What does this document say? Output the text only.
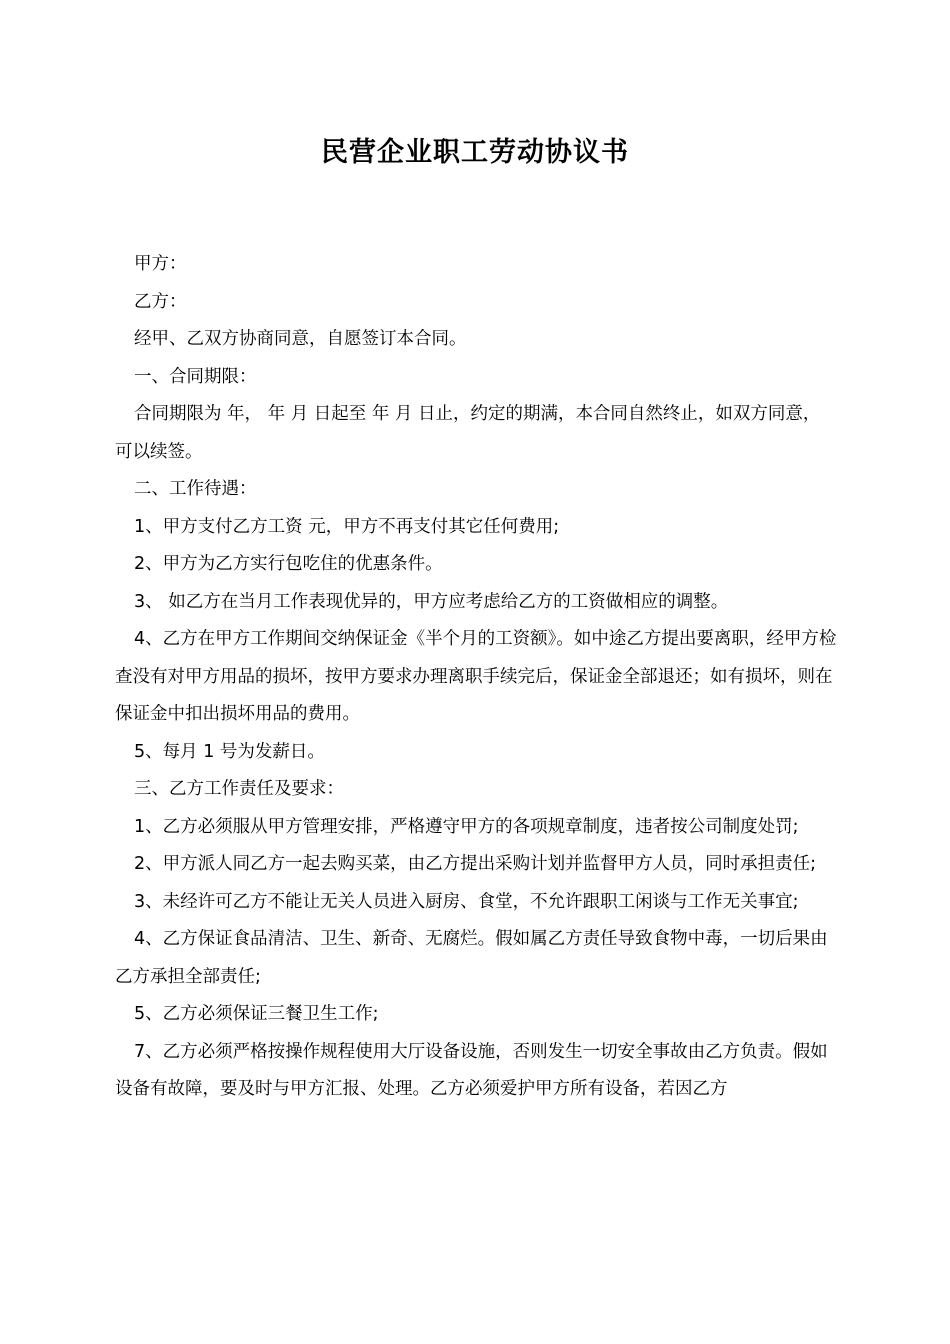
民营企业职工劳动协议书

甲方：

乙方：

经甲、乙双方协商同意，自愿签订本合同。

一、合同期限：

合同期限为 年， 年 月 日起至 年 月 日止，约定的期满，本合同自然终止，如双方同意，可以续签。

二、工作待遇：

1、甲方支付乙方工资 元，甲方不再支付其它任何费用;

2、甲方为乙方实行包吃住的优惠条件。

3、 如乙方在当月工作表现优异的，甲方应考虑给乙方的工资做相应的调整。

4、乙方在甲方工作期间交纳保证金《半个月的工资额》。如中途乙方提出要离职，经甲方检查没有对甲方用品的损坏，按甲方要求办理离职手续完后，保证金全部退还；如有损坏，则在保证金中扣出损坏用品的费用。

5、每月 1 号为发薪日。

三、乙方工作责任及要求：

1、乙方必须服从甲方管理安排，严格遵守甲方的各项规章制度，违者按公司制度处罚;

2、甲方派人同乙方一起去购买菜，由乙方提出采购计划并监督甲方人员，同时承担责任;

3、未经许可乙方不能让无关人员进入厨房、食堂，不允许跟职工闲谈与工作无关事宜;

4、乙方保证食品清洁、卫生、新奇、无腐烂。假如属乙方责任导致食物中毒，一切后果由乙方承担全部责任;

5、乙方必须保证三餐卫生工作;

7、乙方必须严格按操作规程使用大厅设备设施，否则发生一切安全事故由乙方负责。假如设备有故障，要及时与甲方汇报、处理。乙方必须爱护甲方所有设备，若因乙方
